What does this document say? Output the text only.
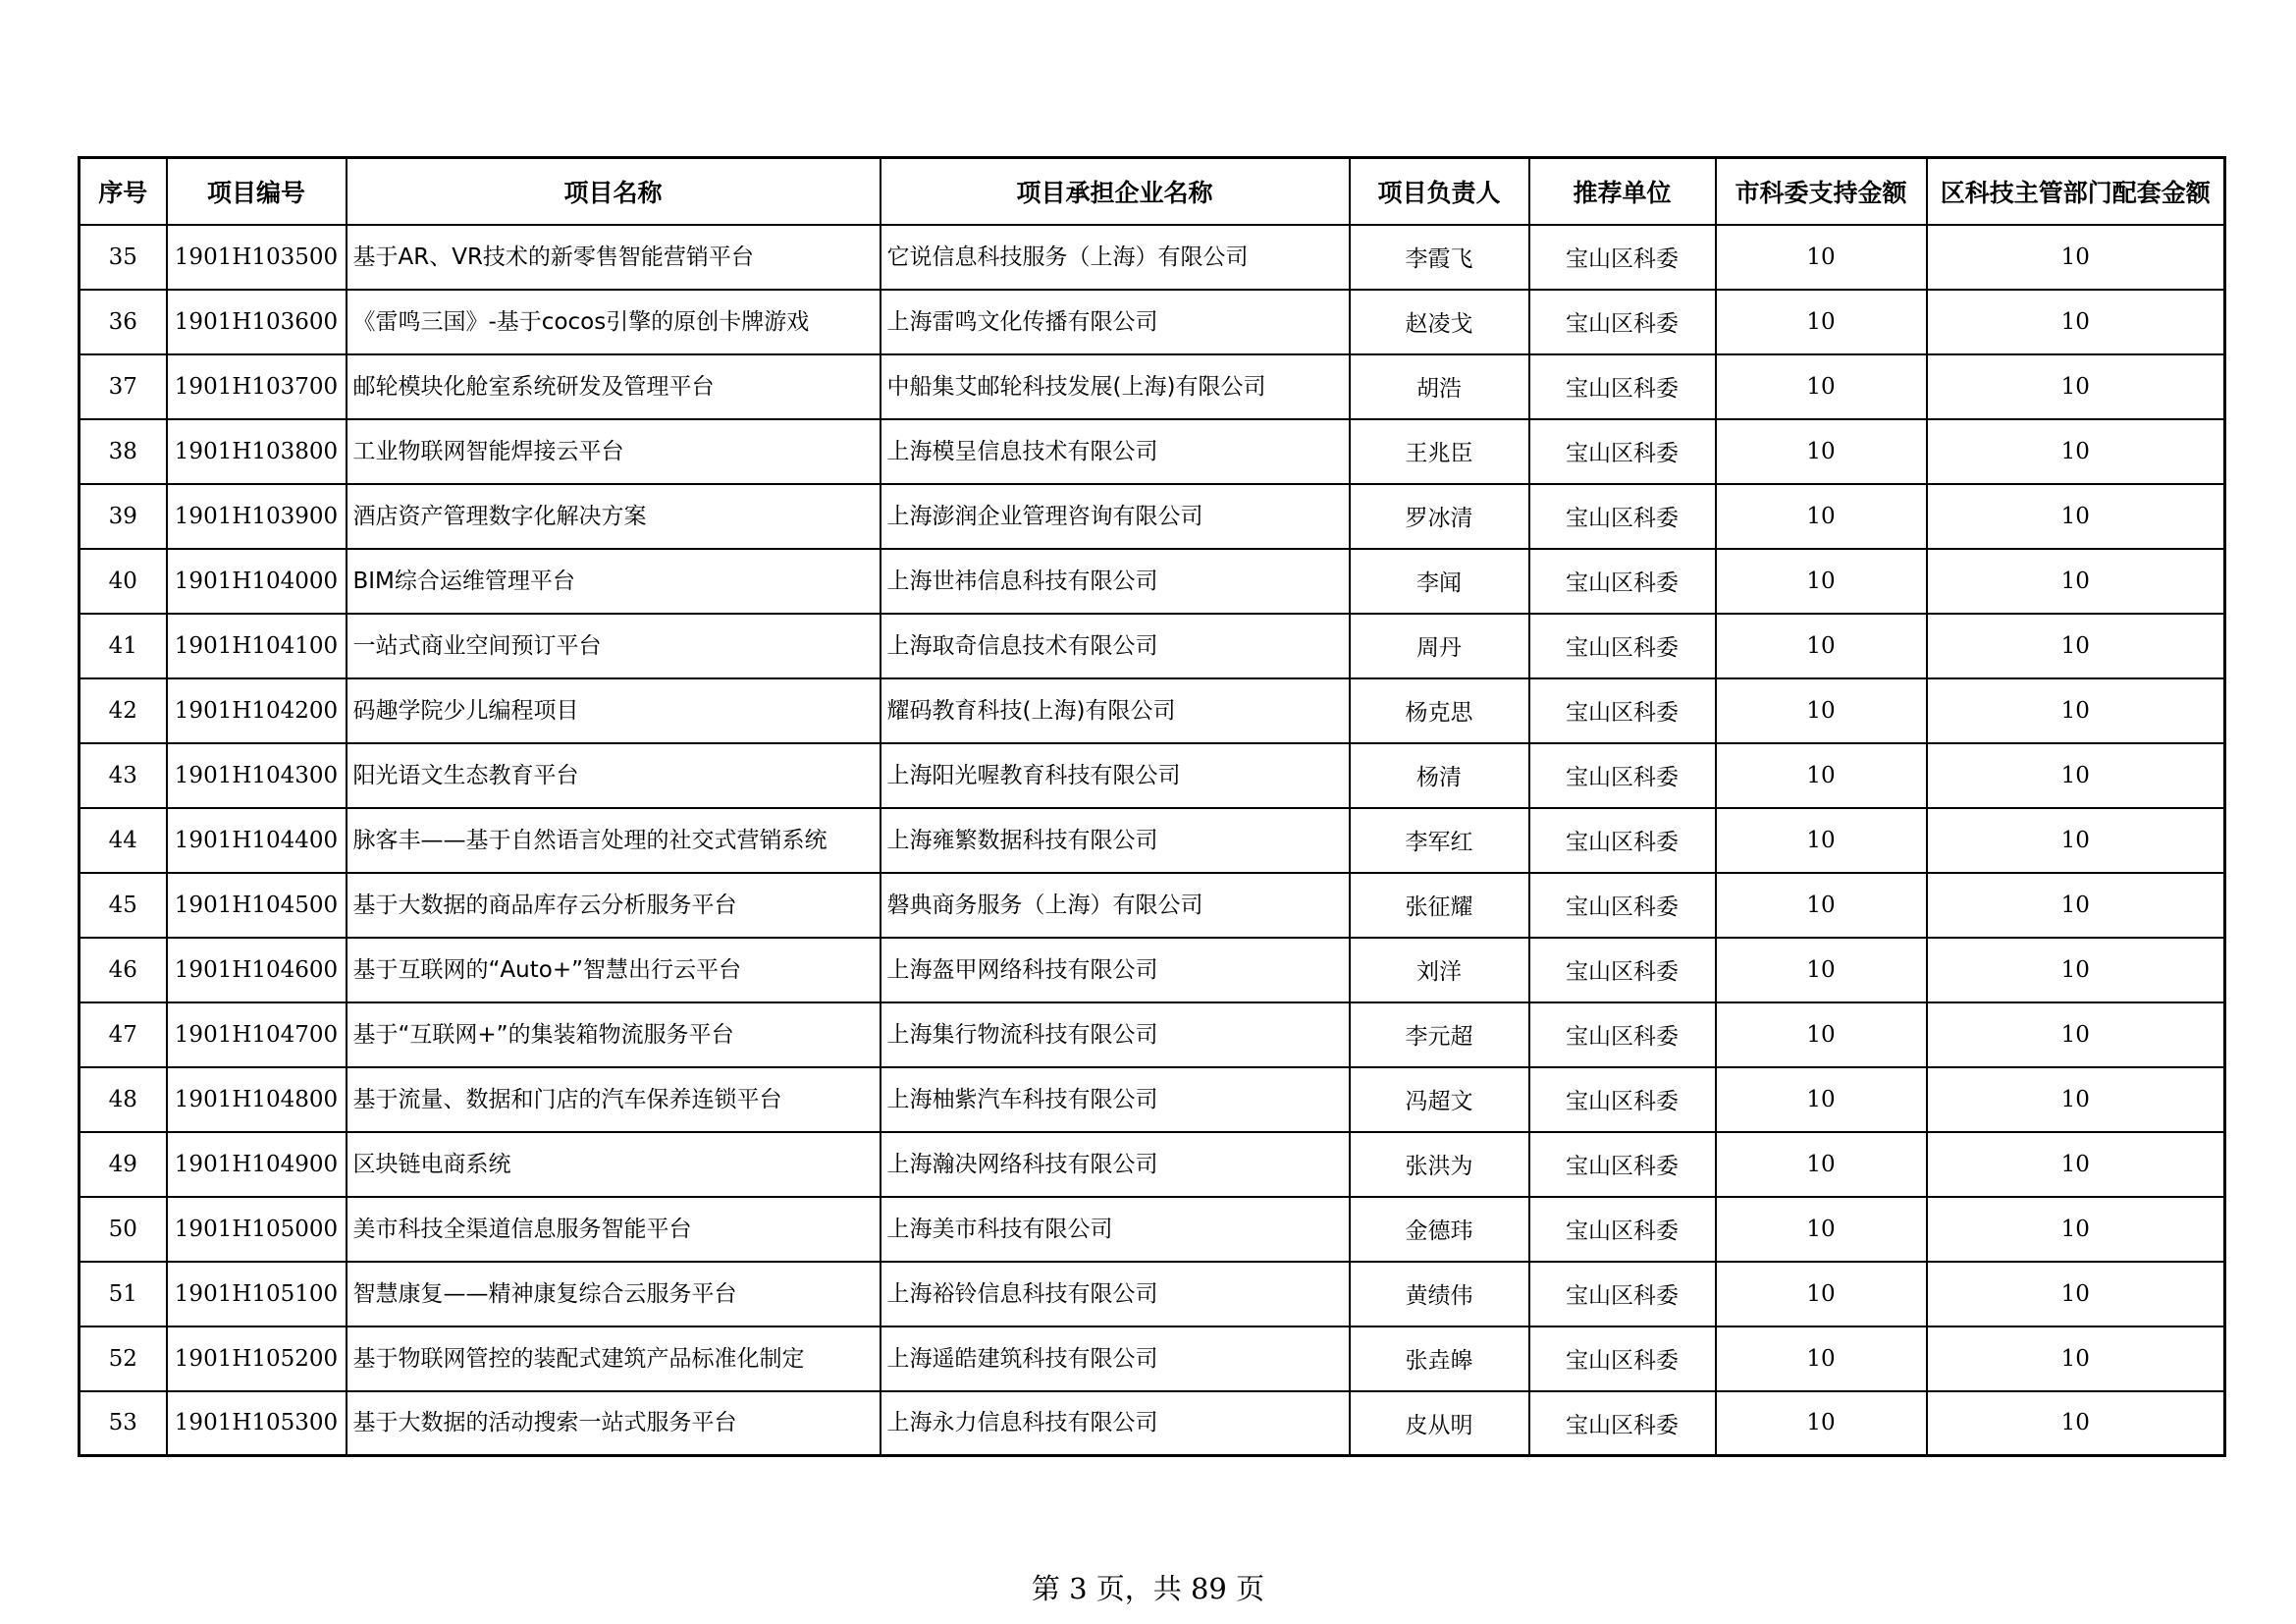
序号	项目编号	项目名称	项目承担企业名称	项目负责人	推荐单位	市科委支持金额	区科技主管部门配套金额
35	1901H103500	基于AR、VR技术的新零售智能营销平台	它说信息科技服务（上海）有限公司	李霞飞	宝山区科委	10	10
36	1901H103600	《雷鸣三国》-基于cocos引擎的原创卡牌游戏	上海雷鸣文化传播有限公司	赵凌戈	宝山区科委	10	10
37	1901H103700	邮轮模块化舱室系统研发及管理平台	中船集艾邮轮科技发展(上海)有限公司	胡浩	宝山区科委	10	10
38	1901H103800	工业物联网智能焊接云平台	上海模呈信息技术有限公司	王兆臣	宝山区科委	10	10
39	1901H103900	酒店资产管理数字化解决方案	上海澎润企业管理咨询有限公司	罗冰清	宝山区科委	10	10
40	1901H104000	BIM综合运维管理平台	上海世祎信息科技有限公司	李闻	宝山区科委	10	10
41	1901H104100	一站式商业空间预订平台	上海取奇信息技术有限公司	周丹	宝山区科委	10	10
42	1901H104200	码趣学院少儿编程项目	耀码教育科技(上海)有限公司	杨克思	宝山区科委	10	10
43	1901H104300	阳光语文生态教育平台	上海阳光喔教育科技有限公司	杨清	宝山区科委	10	10
44	1901H104400	脉客丰——基于自然语言处理的社交式营销系统	上海雍繁数据科技有限公司	李军红	宝山区科委	10	10
45	1901H104500	基于大数据的商品库存云分析服务平台	磐典商务服务（上海）有限公司	张征耀	宝山区科委	10	10
46	1901H104600	基于互联网的“Auto+”智慧出行云平台	上海盔甲网络科技有限公司	刘洋	宝山区科委	10	10
47	1901H104700	基于“互联网+”的集装箱物流服务平台	上海集行物流科技有限公司	李元超	宝山区科委	10	10
48	1901H104800	基于流量、数据和门店的汽车保养连锁平台	上海柚紫汽车科技有限公司	冯超文	宝山区科委	10	10
49	1901H104900	区块链电商系统	上海瀚决网络科技有限公司	张洪为	宝山区科委	10	10
50	1901H105000	美市科技全渠道信息服务智能平台	上海美市科技有限公司	金德玮	宝山区科委	10	10
51	1901H105100	智慧康复——精神康复综合云服务平台	上海裕铃信息科技有限公司	黄绩伟	宝山区科委	10	10
52	1901H105200	基于物联网管控的装配式建筑产品标准化制定	上海遥皓建筑科技有限公司	张垚皞	宝山区科委	10	10
53	1901H105300	基于大数据的活动搜索一站式服务平台	上海永力信息科技有限公司	皮从明	宝山区科委	10	10
第 3 页，共 89 页
